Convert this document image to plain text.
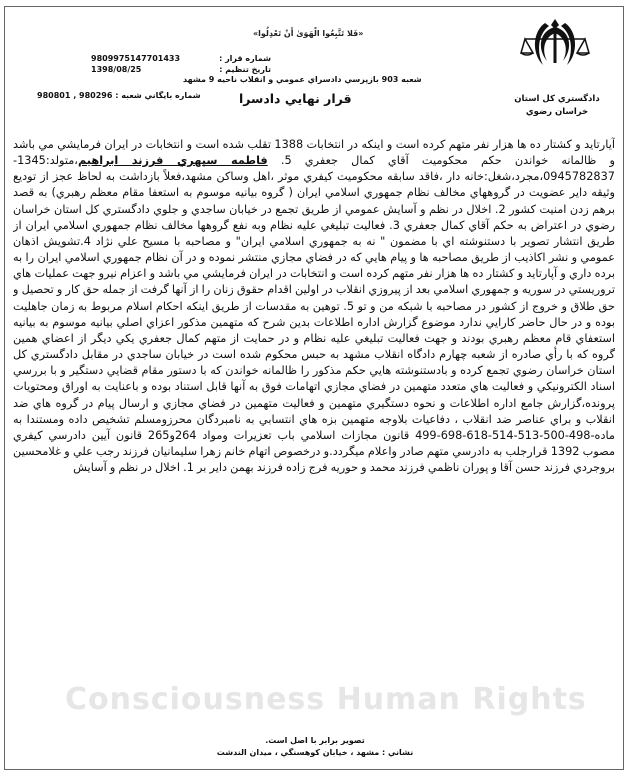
دادگستري کل استان خراسان رضوي
«فَلا تَتَّبِعُوا الْهَوَىٰ أَنْ تَعْدِلُوا»
شماره قرار :
9809975147701433
تاريخ تنظيم :
1398/08/25
شعبه 903 بازپرسي دادسراي عمومي و انقلاب ناحيه 9 مشهد
شماره بايگاني شعبه : 980296 , 980801	قرار نهايي دادسرا
Consciousness Human Rights
آيارتايد و کشتار ده ها هزار نفر متهم کرده است و اينکه در انتخابات 1388 تقلب شده است و انتخابات در ايران فرمايشي مي باشد و ظالمانه خواندن حکم محکوميت آقاي کمال جعفري 5. فاطمه سپهري فرزند ابراهيم،متولد:1345-0945782837،مجرد،شغل:خانه دار ،فاقد سابقه محکوميت کيفري موثر ،اهل وساکن مشهد،فعلاً بازداشت به لحاظ عجز از توديع وثيقه داير عضويت در گروههاي مخالف نظام جمهوري اسلامي ايران ( گروه بيانيه موسوم به استعفا مقام معظم رهبري) به قصد برهم زدن امنيت کشور 2. اخلال در نظم و آسايش عمومي از طريق تجمع در خيابان ساجدي و جلوي دادگستري کل استان خراسان رضوي در اعتراض به حکم آقاي کمال جعفري 3. فعاليت تبليغي عليه نظام وبه نفع گروهها مخالف نظام جمهوري اسلامي ايران از طريق انتشار تصوير با دستنوشته اي با مضمون " نه به جمهوري اسلامي ايران" و مصاحبه با مسيح علي نژاد 4.تشويش اذهان عمومي و نشر اکاذيب از طريق مصاحبه ها و پيام هايي که در فضاي مجازي منتشر نموده و در آن نظام جمهوري اسلامي ايران را به برده داري و آپارتايد و کشتار ده ها هزار نفر متهم کرده است و انتخابات در ايران فرمايشي مي باشد و اعزام نيرو جهت عمليات هاي تروريستي در سوريه و جمهوري اسلامي بعد از پيروزي انقلاب در اولين اقدام حقوق زنان را از آنها گرفت از جمله حق کار و تحصيل و حق طلاق و خروج از کشور در مصاحبه با شبکه من و تو 5. توهين به مقدسات از طريق اينکه احکام اسلام مربوط به زمان جاهليت بوده و در حال حاضر کارايي ندارد موضوع گزارش اداره اطلاعات بدين شرح که متهمين مذکور اعزاي اصلي بيانيه موسوم به بيانيه استعفاي قام معظم رهبري بودند و جهت فعاليت تبليغي عليه نظام و در حمايت از متهم کمال جعفري يکي ديگر از اعضاي همين گروه که با رأي صادره از شعبه چهارم دادگاه انقلاب مشهد به حبس محکوم شده است در خيابان ساجدي در مقابل دادگستري کل استان خراسان رضوي تجمع کرده و بادستنوشته هايي حکم مذکور را ظالمانه خواندن که با دستور مقام قضايي دستگير و با بررسي اسناد الکترونيکي و فعاليت هاي متعدد متهمين در فضاي مجازي اتهامات فوق به آنها قابل استناد بوده و باعنايت به اوراق ومحتويات پرونده،گزارش جامع اداره اطلاعات و نحوه دستگيري متهمين و فعاليت متهمين در فضاي مجازي و ارسال پيام در گروه هاي ضد انقلاب و براي عناصر ضد انقلاب ، دفاعيات بلاوجه متهمين بزه هاي انتسابي به نامبردگان محرزومسلم تشخيص داده ومستندا به ماده-498-500-513-514-618-698-499 قانون مجازات اسلامي باب تعزيرات ومواد 264و265 قانون آيين دادرسي کيفري مصوب 1392 قرارجلب به دادرسي متهم صادر واعلام ميگردد.و درخصوص اتهام خانم زهرا سليمانيان فرزند رجب علي و غلامحسين بروجردي فرزند حسن آقا و پوران ناظمي فرزند محمد و حوريه فرج زاده فرزند بهمن داير بر 1. اخلال در نظم و آسايش
تصوير برابر با اصل است.
نشاني : مشهد ، خيابان کوهسنگي ، ميدان الندشت
